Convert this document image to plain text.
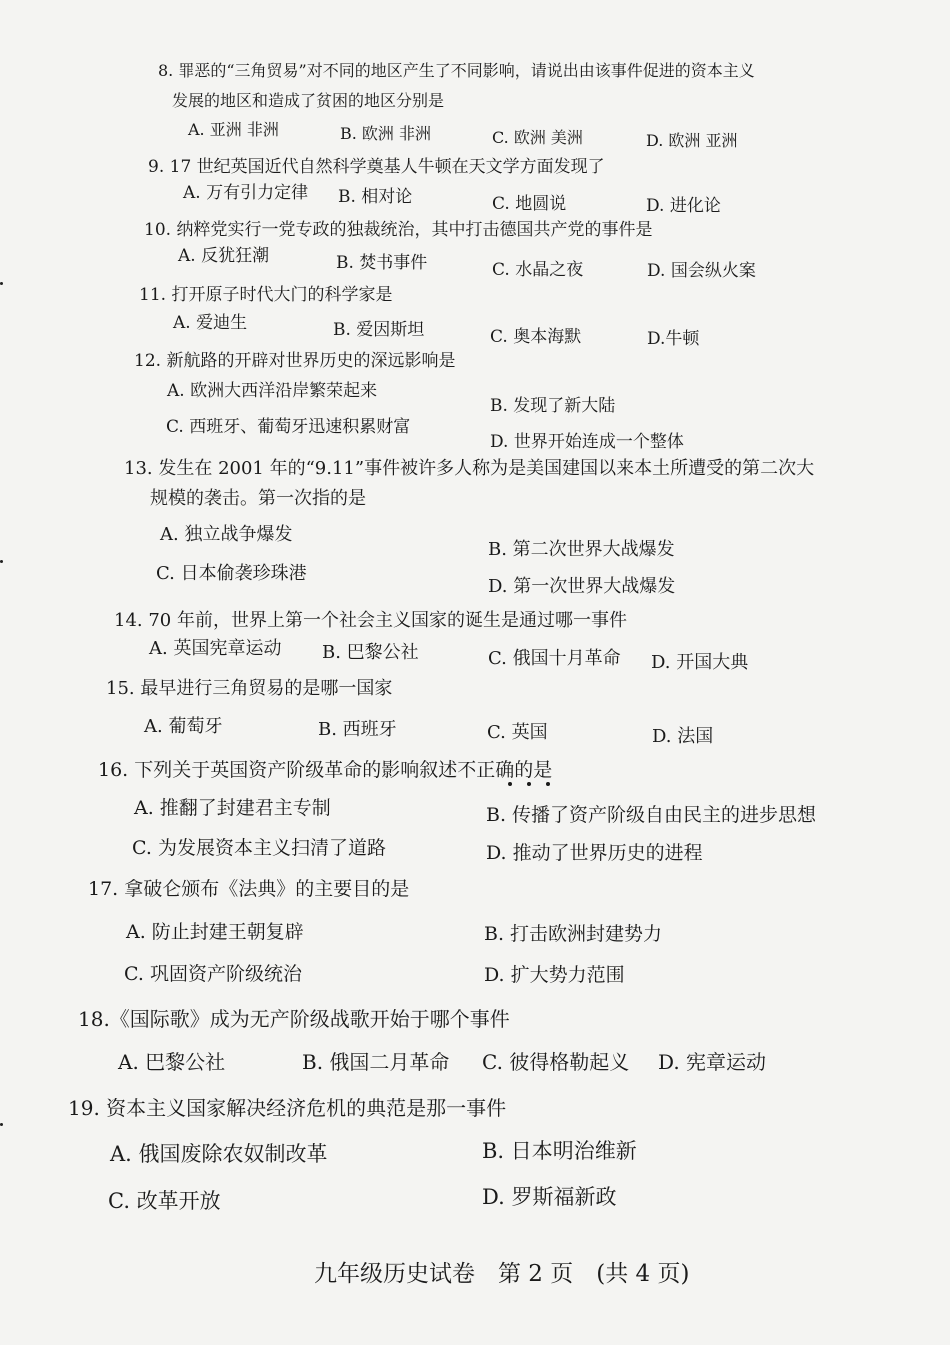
8. 罪恶的“三角贸易”对不同的地区产生了不同影响，请说出由该事件促进的资本主义
发展的地区和造成了贫困的地区分别是
A. 亚洲 非洲	B. 欧洲 非洲	C. 欧洲 美洲	D. 欧洲 亚洲
9. 17 世纪英国近代自然科学奠基人牛顿在天文学方面发现了
A. 万有引力定律 B. 相对论	C. 地圆说	D. 进化论
10. 纳粹党实行一党专政的独裁统治，其中打击德国共产党的事件是
A. 反犹狂潮	B. 焚书事件	C. 水晶之夜	D. 国会纵火案
11. 打开原子时代大门的科学家是
A. 爱迪生	B. 爱因斯坦	C. 奥本海默	D.牛顿
12. 新航路的开辟对世界历史的深远影响是
A. 欧洲大西洋沿岸繁荣起来
B. 发现了新大陆
C. 西班牙、葡萄牙迅速积累财富
D. 世界开始连成一个整体
13. 发生在 2001 年的“9.11”事件被许多人称为是美国建国以来本土所遭受的第二次大
规模的袭击。第一次指的是
A. 独立战争爆发
B. 第二次世界大战爆发
C. 日本偷袭珍珠港
D. 第一次世界大战爆发
14. 70 年前，世界上第一个社会主义国家的诞生是通过哪一事件
A. 英国宪章运动 B. 巴黎公社	C. 俄国十月革命 D. 开国大典
15. 最早进行三角贸易的是哪一国家
A. 葡萄牙	B. 西班牙	C. 英国	D. 法国
16. 下列关于英国资产阶级革命的影响叙述不正确的是
A. 推翻了封建君主专制	B. 传播了资产阶级自由民主的进步思想
C. 为发展资本主义扫清了道路	D. 推动了世界历史的进程
17. 拿破仑颁布《法典》的主要目的是
A. 防止封建王朝复辟	B. 打击欧洲封建势力
C. 巩固资产阶级统治	D. 扩大势力范围
18.《国际歌》成为无产阶级战歌开始于哪个事件
A. 巴黎公社	B. 俄国二月革命 C. 彼得格勒起义 D. 宪章运动
19. 资本主义国家解决经济危机的典范是那一事件
A. 俄国废除农奴制改革	B. 日本明治维新
C. 改革开放	D. 罗斯福新政
九年级历史试卷　第 2 页　(共 4 页)
